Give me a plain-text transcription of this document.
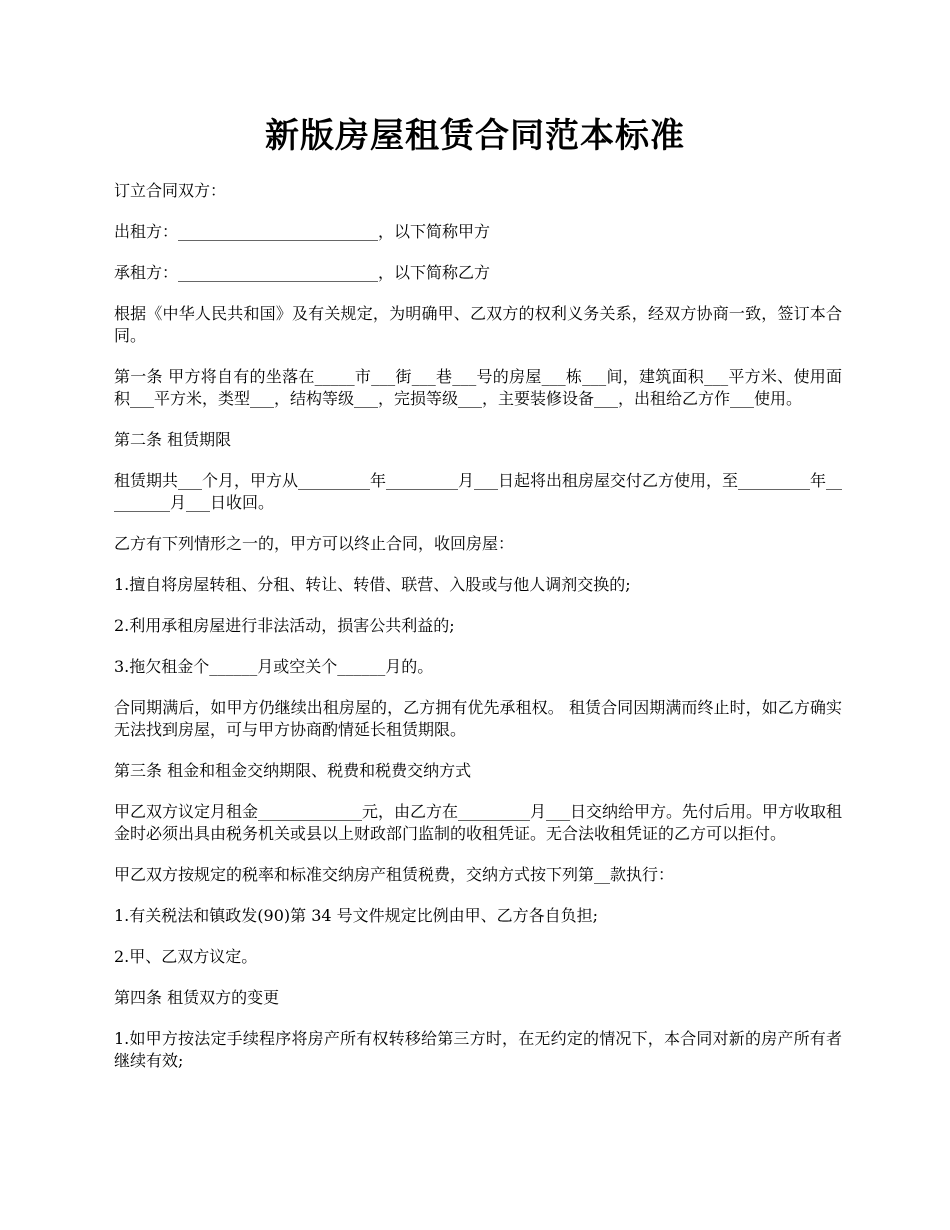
新版房屋租赁合同范本标准

订立合同双方：

出租方：_________________________，以下简称甲方

承租方：_________________________，以下简称乙方

根据《中华人民共和国》及有关规定，为明确甲、乙双方的权利义务关系，经双方协商一致，签订本合同。

第一条 甲方将自有的坐落在_____市___街___巷___号的房屋___栋___间，建筑面积___平方米、使用面积___平方米，类型___，结构等级___，完损等级___，主要装修设备___，出租给乙方作___使用。

第二条 租赁期限

租赁期共___个月，甲方从_________年_________月___日起将出租房屋交付乙方使用，至_________年_________月___日收回。

乙方有下列情形之一的，甲方可以终止合同，收回房屋：

1.擅自将房屋转租、分租、转让、转借、联营、入股或与他人调剂交换的;

2.利用承租房屋进行非法活动，损害公共利益的;

3.拖欠租金个______月或空关个______月的。

合同期满后，如甲方仍继续出租房屋的，乙方拥有优先承租权。 租赁合同因期满而终止时，如乙方确实无法找到房屋，可与甲方协商酌情延长租赁期限。

第三条 租金和租金交纳期限、税费和税费交纳方式

甲乙双方议定月租金_____________元，由乙方在_________月___日交纳给甲方。先付后用。甲方收取租金时必须出具由税务机关或县以上财政部门监制的收租凭证。无合法收租凭证的乙方可以拒付。

甲乙双方按规定的税率和标准交纳房产租赁税费，交纳方式按下列第__款执行：

1.有关税法和镇政发(90)第 34 号文件规定比例由甲、乙方各自负担;

2.甲、乙双方议定。

第四条 租赁双方的变更

1.如甲方按法定手续程序将房产所有权转移给第三方时，在无约定的情况下，本合同对新的房产所有者继续有效;
